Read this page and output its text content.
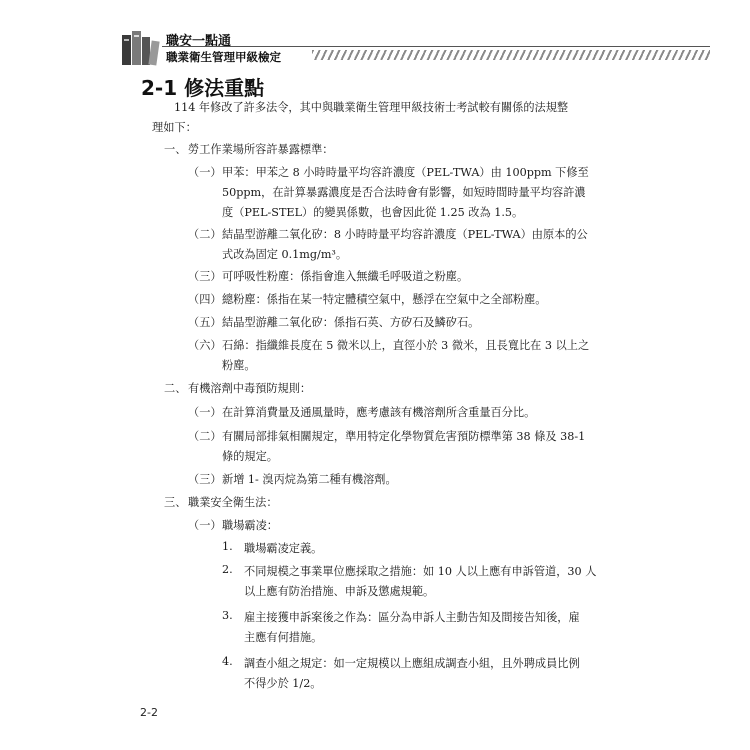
職安一點通
職業衛生管理甲級檢定
2-1 修法重點
114 年修改了許多法令，其中與職業衛生管理甲級技術士考試較有關係的法規整
理如下：
一、 勞工作業場所容許暴露標準：
（一） 甲苯：甲苯之 8 小時時量平均容許濃度（PEL-TWA）由 100ppm 下修至
50ppm，在計算暴露濃度是否合法時會有影響，如短時間時量平均容許濃
度（PEL-STEL）的變異係數，也會因此從 1.25 改為 1.5。
（二） 結晶型游離二氧化矽：8 小時時量平均容許濃度（PEL-TWA）由原本的公
式改為固定 0.1mg/m³。
（三） 可呼吸性粉塵：係指會進入無纖毛呼吸道之粉塵。
（四） 總粉塵：係指在某一特定體積空氣中，懸浮在空氣中之全部粉塵。
（五） 結晶型游離二氧化矽：係指石英、方矽石及鱗矽石。
（六） 石綿：指纖維長度在 5 微米以上，直徑小於 3 微米，且長寬比在 3 以上之
粉塵。
二、 有機溶劑中毒預防規則：
（一） 在計算消費量及通風量時，應考慮該有機溶劑所含重量百分比。
（二） 有關局部排氣相關規定，準用特定化學物質危害預防標準第 38 條及 38-1
條的規定。
（三） 新增 1- 溴丙烷為第二種有機溶劑。
三、 職業安全衛生法：
（一） 職場霸凌：
1. 職場霸凌定義。
2. 不同規模之事業單位應採取之措施：如 10 人以上應有申訴管道，30 人
以上應有防治措施、申訴及懲處規範。
3. 雇主接獲申訴案後之作為：區分為申訴人主動告知及間接告知後，雇
主應有何措施。
4. 調查小組之規定：如一定規模以上應組成調查小組，且外聘成員比例
不得少於 1/2。
2-2
